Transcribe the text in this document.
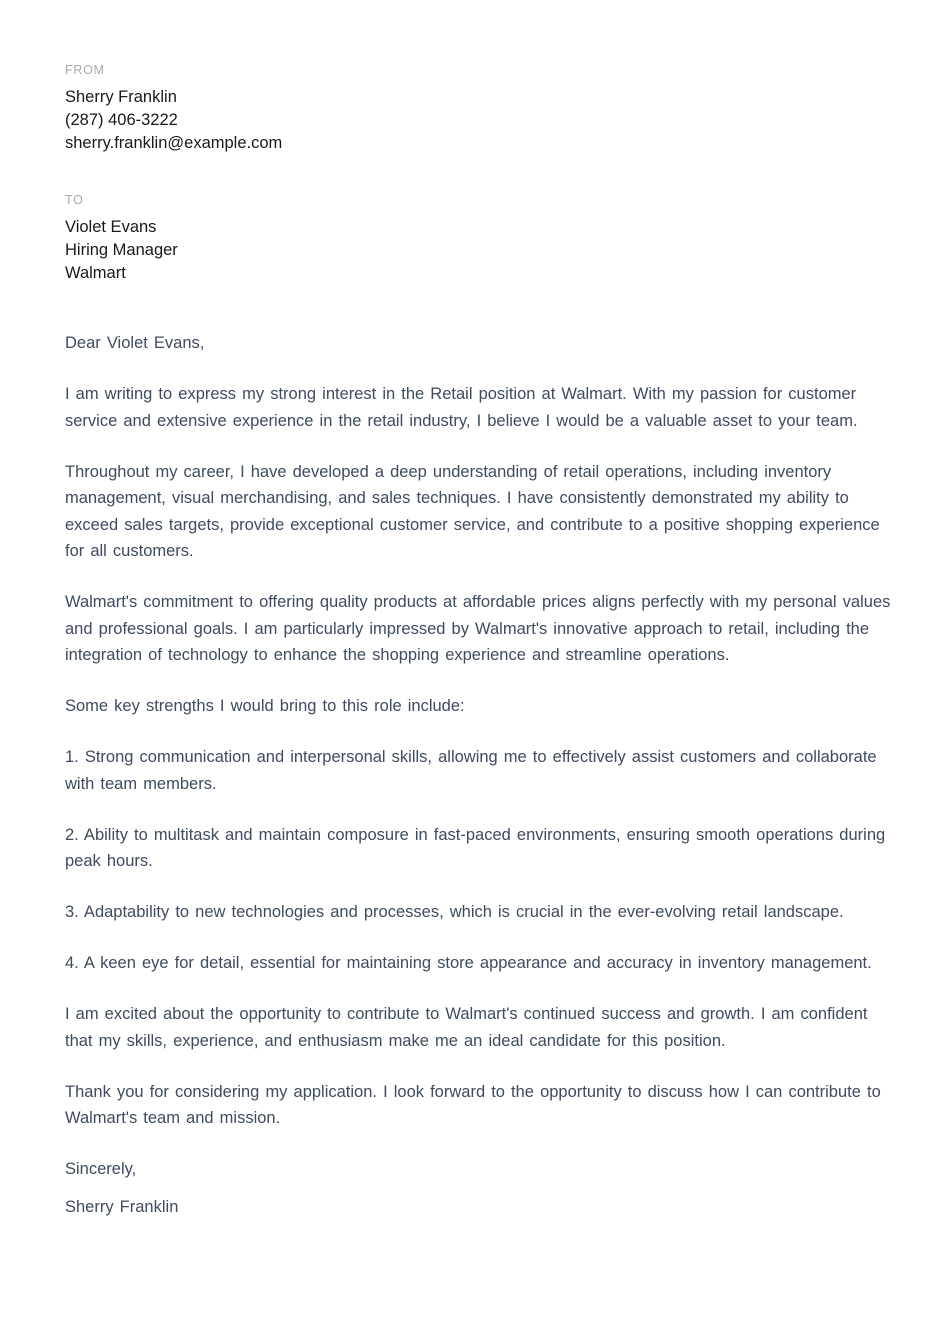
FROM
Sherry Franklin
(287) 406-3222
sherry.franklin@example.com
TO
Violet Evans
Hiring Manager
Walmart

Dear Violet Evans,

I am writing to express my strong interest in the Retail position at Walmart. With my passion for customer service and extensive experience in the retail industry, I believe I would be a valuable asset to your team.

Throughout my career, I have developed a deep understanding of retail operations, including inventory management, visual merchandising, and sales techniques. I have consistently demonstrated my ability to exceed sales targets, provide exceptional customer service, and contribute to a positive shopping experience for all customers.

Walmart's commitment to offering quality products at affordable prices aligns perfectly with my personal values and professional goals. I am particularly impressed by Walmart's innovative approach to retail, including the integration of technology to enhance the shopping experience and streamline operations.

Some key strengths I would bring to this role include:

1. Strong communication and interpersonal skills, allowing me to effectively assist customers and collaborate with team members.

2. Ability to multitask and maintain composure in fast-paced environments, ensuring smooth operations during peak hours.

3. Adaptability to new technologies and processes, which is crucial in the ever-evolving retail landscape.

4. A keen eye for detail, essential for maintaining store appearance and accuracy in inventory management.

I am excited about the opportunity to contribute to Walmart's continued success and growth. I am confident that my skills, experience, and enthusiasm make me an ideal candidate for this position.

Thank you for considering my application. I look forward to the opportunity to discuss how I can contribute to Walmart's team and mission.

Sincerely,

Sherry Franklin
